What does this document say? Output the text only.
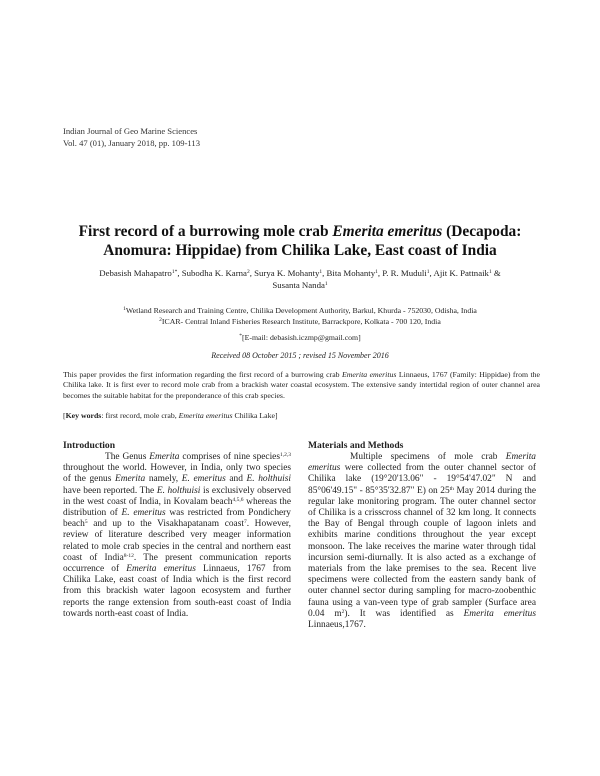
Indian Journal of Geo Marine Sciences
Vol. 47 (01), January 2018, pp. 109-113
First record of a burrowing mole crab Emerita emeritus (Decapoda:
Anomura: Hippidae) from Chilika Lake, East coast of India
Debasish Mahapatro$^{1*}$, Subodha K. Karna$^2$, Surya K. Mohanty$^1$, Bita Mohanty$^1$, P. R. Muduli$^1$, Ajit K. Pattnaik$^1$ &
Susanta Nanda$^1$
$^1$Wetland Research and Training Centre, Chilika Development Authority, Barkul, Khurda - 752030, Odisha, India
$^2$ICAR- Central Inland Fisheries Research Institute, Barrackpore, Kolkata - 700 120, India
*[E-mail: debasish.iczmp@gmail.com]
Received 08 October 2015 ; revised 15 November 2016
This paper provides the first information regarding the first record of a burrowing crab Emerita emeritus Linnaeus, 1767 (Family: Hippidae) from the Chilika lake. It is first ever to record mole crab from a brackish water coastal ecosystem. The extensive sandy intertidal region of outer channel area becomes the suitable habitat for the preponderance of this crab species.
[Key words: first record, mole crab, Emerita emeritus Chilika Lake]
Introduction

The Genus Emerita comprises of nine species$^{1,2,3}$ throughout the world. However, in India, only two species of the genus Emerita namely, E. emeritus and E. holthuisi have been reported. The E. holthuisi is exclusively observed in the west coast of India, in Kovalam beach$^{4,5,6}$ whereas the distribution of E. emeritus was restricted from Pondichery beach$^5$ and up to the Visakhapatanam coast$^7$. However, review of literature described very meager information related to mole crab species in the central and northern east coast of India$^{8-12}$. The present communication reports occurrence of Emerita emeritus Linnaeus, 1767 from Chilika Lake, east coast of India which is the first record from this brackish water lagoon ecosystem and further reports the range extension from south-east coast of India towards north-east coast of India.

Materials and Methods

Multiple specimens of mole crab Emerita emeritus were collected from the outer channel sector of Chilika lake (19°20'13.06" - 19°54'47.02" N and 85°06'49.15" - 85°35'32.87" E) on 25th May 2014 during the regular lake monitoring program. The outer channel sector of Chilika is a crisscross channel of 32 km long. It connects the Bay of Bengal through couple of lagoon inlets and exhibits marine conditions throughout the year except monsoon. The lake receives the marine water through tidal incursion semi-diurnally. It is also acted as a exchange of materials from the lake premises to the sea. Recent live specimens were collected from the eastern sandy bank of outer channel sector during sampling for macro-zoobenthic fauna using a van-veen type of grab sampler (Surface area 0.04 $m^2$). It was identified as Emerita emeritus Linnaeus,1767.
